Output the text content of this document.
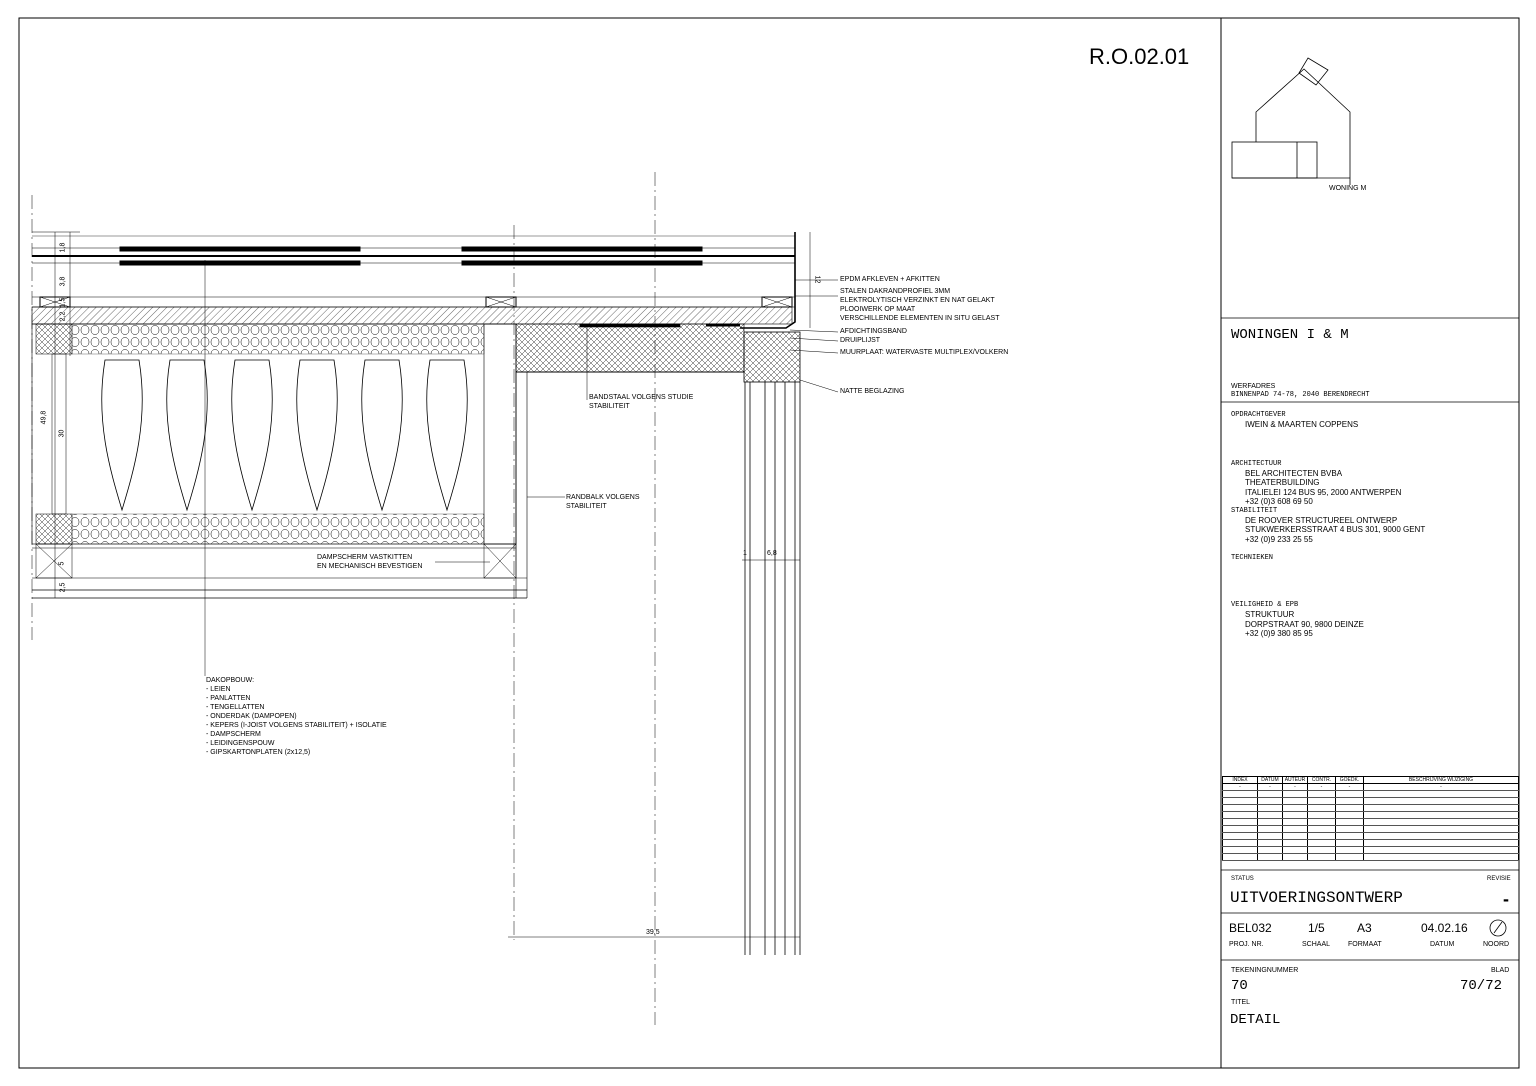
R.O.02.01
1,8
3,8
1,5
2,2
49,8
30
5
2,5
12
1	6,8
39,5
EPDM AFKLEVEN + AFKITTEN
STALEN DAKRANDPROFIEL 3MM
ELEKTROLYTISCH VERZINKT EN NAT GELAKT
PLOOIWERK OP MAAT
VERSCHILLENDE ELEMENTEN IN SITU GELAST
AFDICHTINGSBAND
DRUIPLIJST
MUURPLAAT: WATERVASTE MULTIPLEX/VOLKERN
NATTE BEGLAZING
BANDSTAAL VOLGENS STUDIE
STABILITEIT
RANDBALK VOLGENS
STABILITEIT
DAMPSCHERM VASTKITTEN
EN MECHANISCH BEVESTIGEN
DAKOPBOUW:
- LEIEN
- PANLATTEN
- TENGELLATTEN
- ONDERDAK (DAMPOPEN)
- KEPERS (I-JOIST VOLGENS STABILITEIT) + ISOLATIE
- DAMPSCHERM
- LEIDINGENSPOUW
- GIPSKARTONPLATEN (2x12,5)
WONING M
WONINGEN I & M
WERFADRES
BINNENPAD 74-78, 2040 BERENDRECHT
OPDRACHTGEVER
IWEIN & MAARTEN COPPENS
ARCHITECTUUR
BEL ARCHITECTEN BVBA
THEATERBUILDING
ITALIELEI 124 BUS 95, 2000 ANTWERPEN
+32 (0)3 608 69 50
STABILITEIT
DE ROOVER STRUCTUREEL ONTWERP
STUKWERKERSSTRAAT 4 BUS 301, 9000 GENT
+32 (0)9 233 25 55
TECHNIEKEN
VEILIGHEID & EPB
STRUKTUUR
DORPSTRAAT 90, 9800 DEINZE
+32 (0)9 380 85 95
INDEX	DATUM	AUTEUR	CONTR.	GOEDK.	BESCHRIJVING WIJZIGING
-	-	-	-	-	-

STATUS	REVISIE
UITVOERINGSONTWERP	-
BEL032	1/5	A3	04.02.16
PROJ. NR.	SCHAAL	FORMAAT	DATUM	NOORD
TEKENINGNUMMER	BLAD
70	70/72
TITEL
DETAIL
